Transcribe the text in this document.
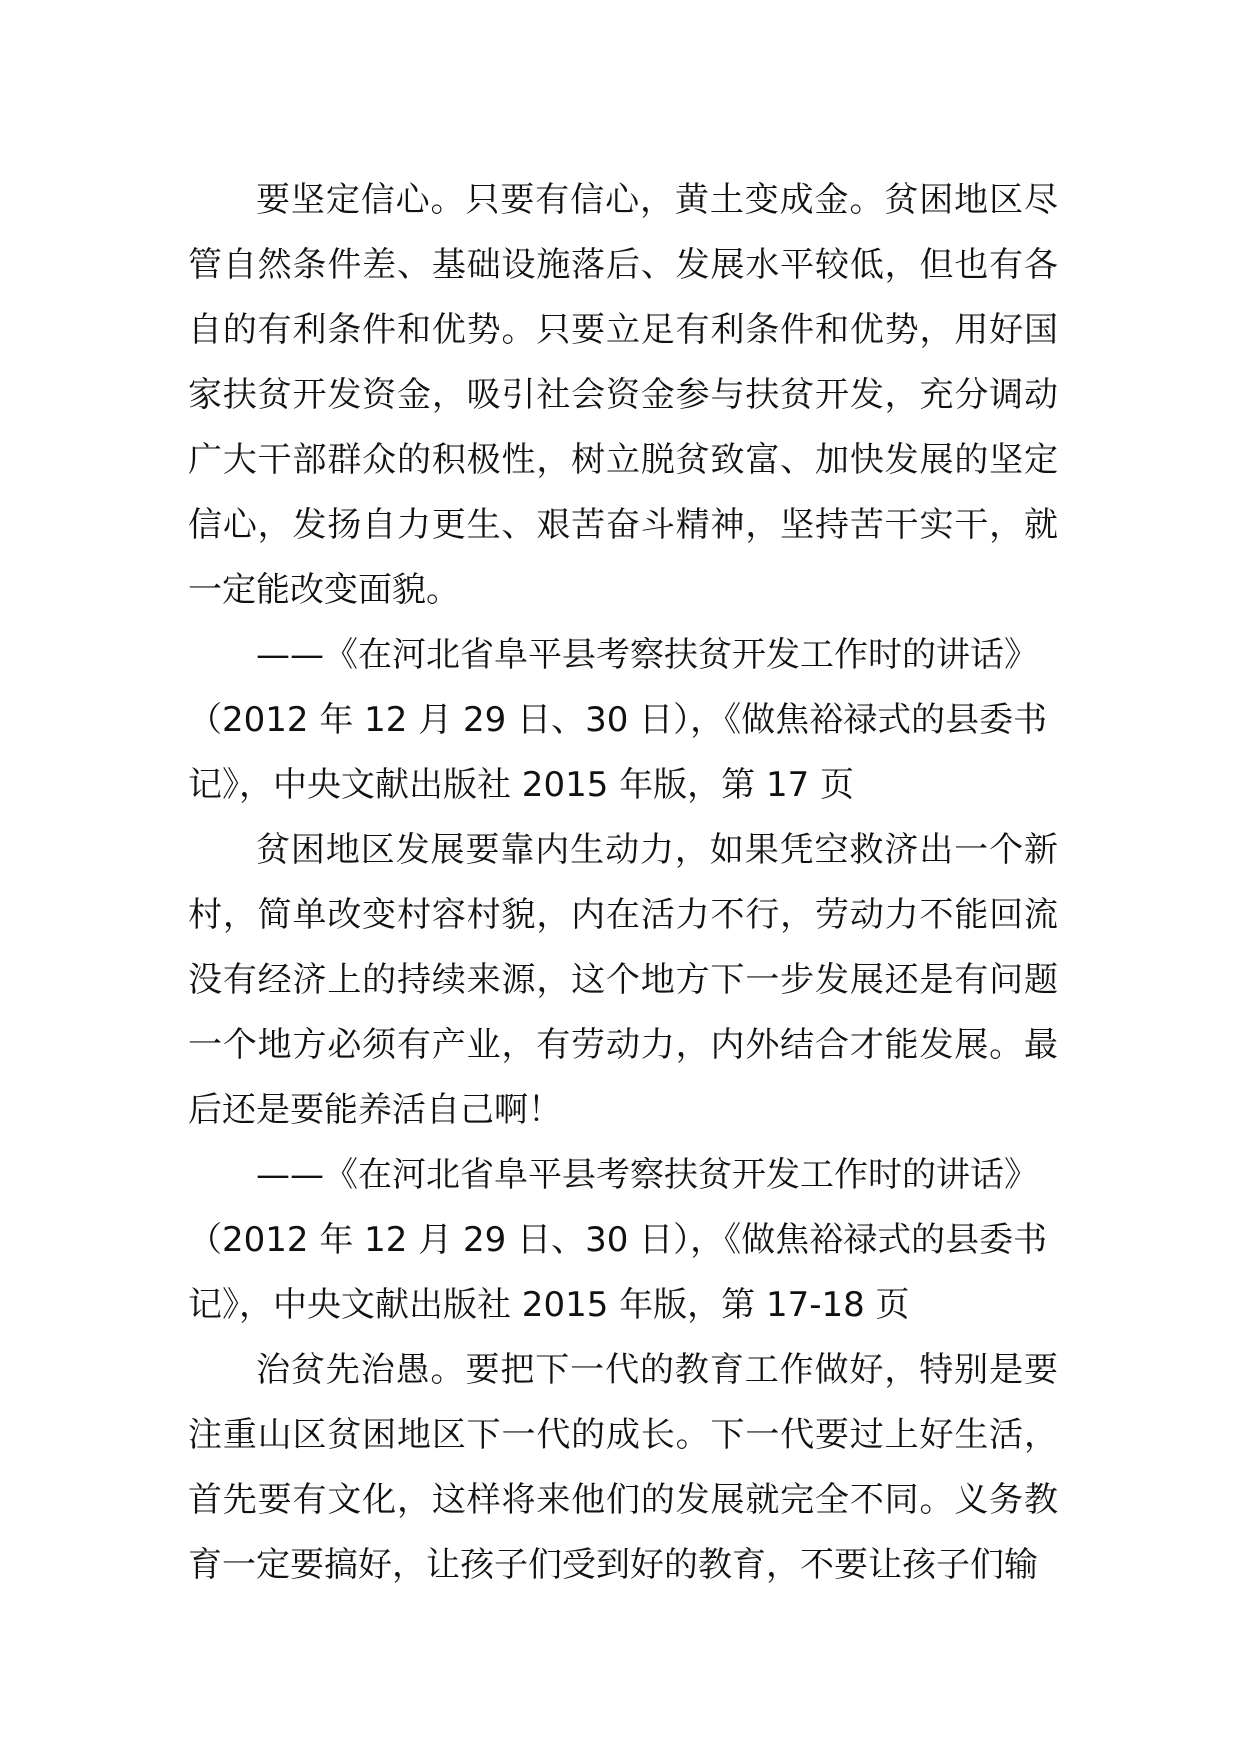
要坚定信心。只要有信心，黄土变成金。贫困地区尽管自然条件差、基础设施落后、发展水平较低，但也有各自的有利条件和优势。只要立足有利条件和优势，用好国家扶贫开发资金，吸引社会资金参与扶贫开发，充分调动广大干部群众的积极性，树立脱贫致富、加快发展的坚定信心，发扬自力更生、艰苦奋斗精神，坚持苦干实干，就一定能改变面貌。

——《在河北省阜平县考察扶贫开发工作时的讲话》（2012 年 12 月 29 日、30 日），《做焦裕禄式的县委书记》，中央文献出版社 2015 年版，第 17 页

贫困地区发展要靠内生动力，如果凭空救济出一个新村，简单改变村容村貌，内在活力不行，劳动力不能回流没有经济上的持续来源，这个地方下一步发展还是有问题一个地方必须有产业，有劳动力，内外结合才能发展。最后还是要能养活自己啊！

——《在河北省阜平县考察扶贫开发工作时的讲话》（2012 年 12 月 29 日、30 日），《做焦裕禄式的县委书记》，中央文献出版社 2015 年版，第 17-18 页

治贫先治愚。要把下一代的教育工作做好，特别是要注重山区贫困地区下一代的成长。下一代要过上好生活，首先要有文化，这样将来他们的发展就完全不同。义务教育一定要搞好，让孩子们受到好的教育，不要让孩子们输
